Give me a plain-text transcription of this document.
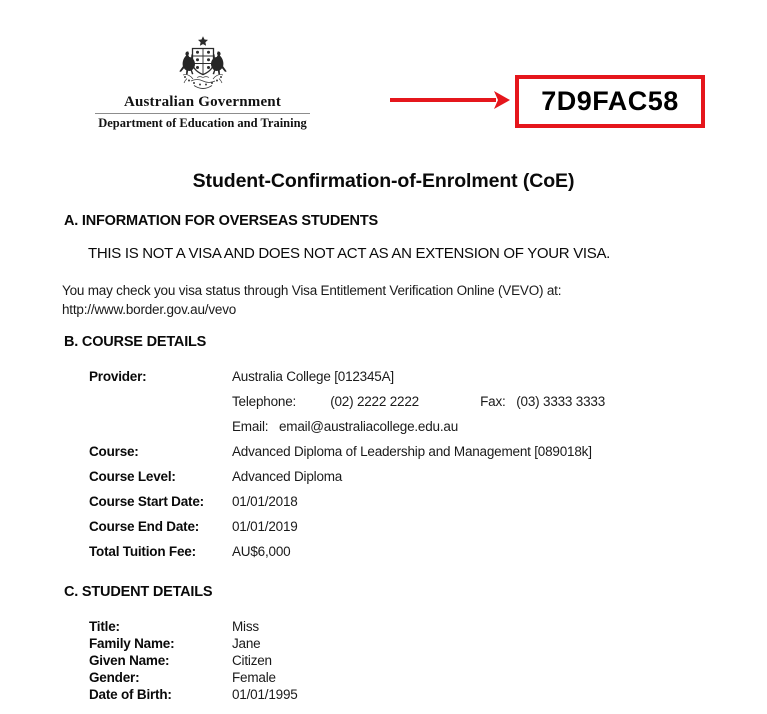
Australian Government
Department of Education and Training
7D9FAC58
Student-Confirmation-of-Enrolment (CoE)
A. INFORMATION FOR OVERSEAS STUDENTS
THIS IS NOT A VISA AND DOES NOT ACT AS AN EXTENSION OF YOUR VISA.
You may check you visa status through Visa Entitlement Verification Online (VEVO) at:
http://www.border.gov.au/vevo
B. COURSE DETAILS
Provider:	Australia College [012345A]
Telephone:	(02) 2222 2222	Fax: (03) 3333 3333
Email: email@australiacollege.edu.au
Course:	Advanced Diploma of Leadership and Management [089018k]
Course Level:	Advanced Diploma
Course Start Date:	01/01/2018
Course End Date:	01/01/2019
Total Tuition Fee:	AU$6,000
C. STUDENT DETAILS
Title:	Miss
Family Name:	Jane
Given Name:	Citizen
Gender:	Female
Date of Birth:	01/01/1995
